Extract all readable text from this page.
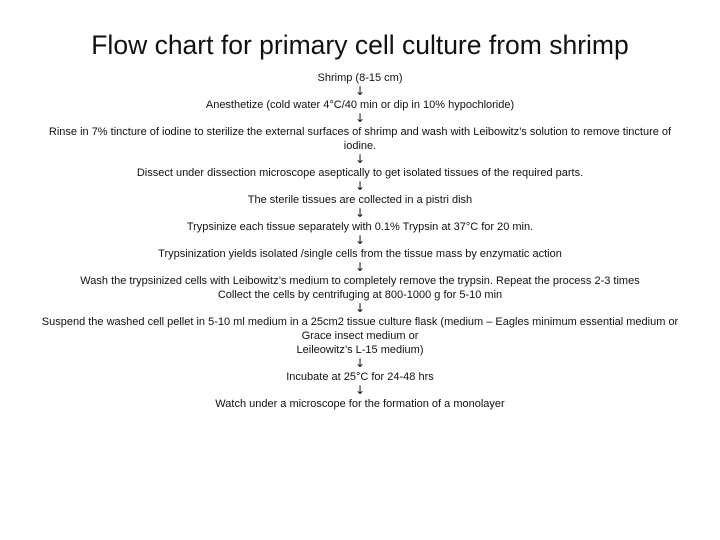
Flow chart for primary cell culture from shrimp
Shrimp (8-15 cm)
↓
Anesthetize (cold water 4°C/40 min or dip in 10% hypochloride)
↓
Rinse in 7% tincture of iodine to sterilize the external surfaces of shrimp and wash with Leibowitz’s solution to remove tincture of iodine.
↓
Dissect under dissection microscope aseptically to get isolated tissues of the required parts.
↓
The sterile tissues are collected in a pistri dish
↓
Trypsinize each tissue separately with 0.1% Trypsin at 37°C for 20 min.
↓
Trypsinization yields isolated /single cells from the tissue mass by enzymatic action
↓
Wash the trypsinized cells with Leibowitz’s medium to completely remove the trypsin. Repeat the process 2-3 times
Collect the cells by centrifuging at 800-1000 g for 5-10 min
↓
Suspend the washed cell pellet in 5-10 ml medium in a 25cm2 tissue culture flask (medium – Eagles minimum essential medium or Grace insect medium or
Leileowitz’s L-15 medium)
↓
Incubate at 25°C for 24-48 hrs
↓
Watch under a microscope for the formation of a monolayer
